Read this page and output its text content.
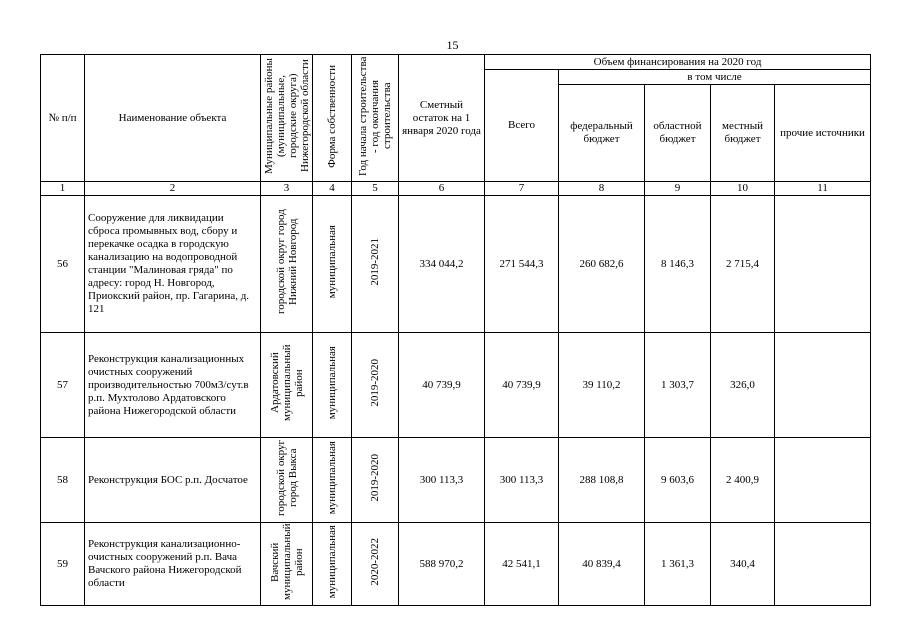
15
№ п/п	Наименование объекта	Муниципальные районы (муниципальные, городские округа) Нижегородской области	Форма собственности	Год начала строительства - год окончания строительства	Сметный остаток на 1 января 2020 года	Объем финансирования на 2020 год				
						Всего	в том числе			
							федеральный бюджет	областной бюджет	местный бюджет	прочие источники
1	2	3	4	5	6	7	8	9	10	11
56	Сооружение для ликвидации сброса промывных вод, сбору и перекачке осадка в городскую канализацию на водопроводной станции "Малиновая гряда" по адресу: город Н. Новгород, Приокский район, пр. Гагарина, д. 121	городской округ город Нижний Новгород	муниципальная	2019-2021	334 044,2	271 544,3	260 682,6	8 146,3	2 715,4	
57	Реконструкция канализационных очистных сооружений производительностью 700м3/сут.в р.п. Мухтолово Ардатовского района Нижегородской области	Ардатовский муниципальный район	муниципальная	2019-2020	40 739,9	40 739,9	39 110,2	1 303,7	326,0	
58	Реконструкция БОС р.п. Досчатое	городской округ город Выкса	муниципальная	2019-2020	300 113,3	300 113,3	288 108,8	9 603,6	2 400,9	
59	Реконструкция канализационно-очистных сооружений р.п. Вача Вачского района Нижегородской области	Вачский муниципальный район	муниципальная	2020-2022	588 970,2	42 541,1	40 839,4	1 361,3	340,4	
